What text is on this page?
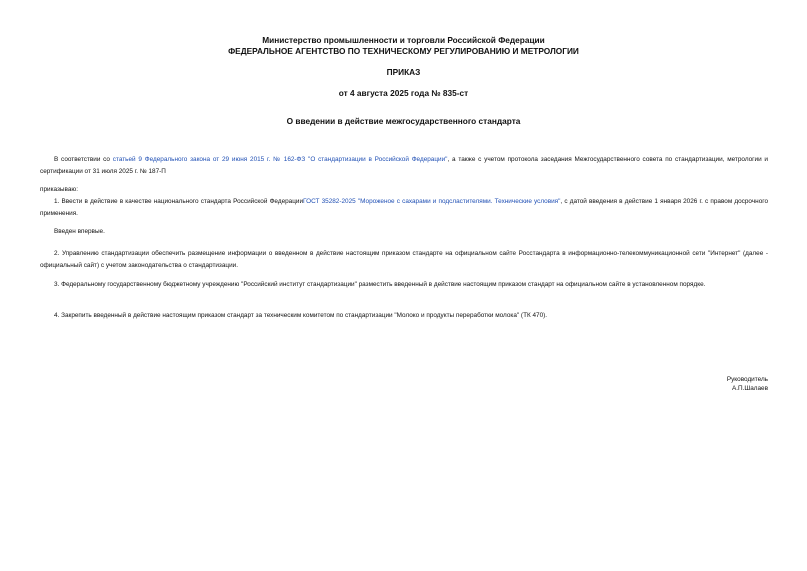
Министерство промышленности и торговли Российской Федерации
ФЕДЕРАЛЬНОЕ АГЕНТСТВО ПО ТЕХНИЧЕСКОМУ РЕГУЛИРОВАНИЮ И МЕТРОЛОГИИ
ПРИКАЗ
от 4 августа 2025 года № 835-ст
О введении в действие межгосударственного стандарта
В соответствии со статьей 9 Федерального закона от 29 июня 2015 г. № 162-ФЗ "О стандартизации в Российской Федерации", а также с учетом протокола заседания Межгосударственного совета по стандартизации, метрологии и сертификации от 31 июля 2025 г. № 187-П
приказываю:
1. Ввести в действие в качестве национального стандарта Российской ФедерацииГОСТ 35282-2025 "Мороженое с сахарами и подсластителями. Технические условия", с датой введения в действие 1 января 2026 г. с правом досрочного применения.
Введен впервые.
2. Управлению стандартизации обеспечить размещение информации о введенном в действие настоящим приказом стандарте на официальном сайте Росстандарта в информационно-телекоммуникационной сети "Интернет" (далее - официальный сайт) с учетом законодательства о стандартизации.
3. Федеральному государственному бюджетному учреждению "Российский институт стандартизации" разместить введенный в действие настоящим приказом стандарт на официальном сайте в установленном порядке.
4. Закрепить введенный в действие настоящим приказом стандарт за техническим комитетом по стандартизации "Молоко и продукты переработки молока" (ТК 470).
Руководитель
А.П.Шалаев
